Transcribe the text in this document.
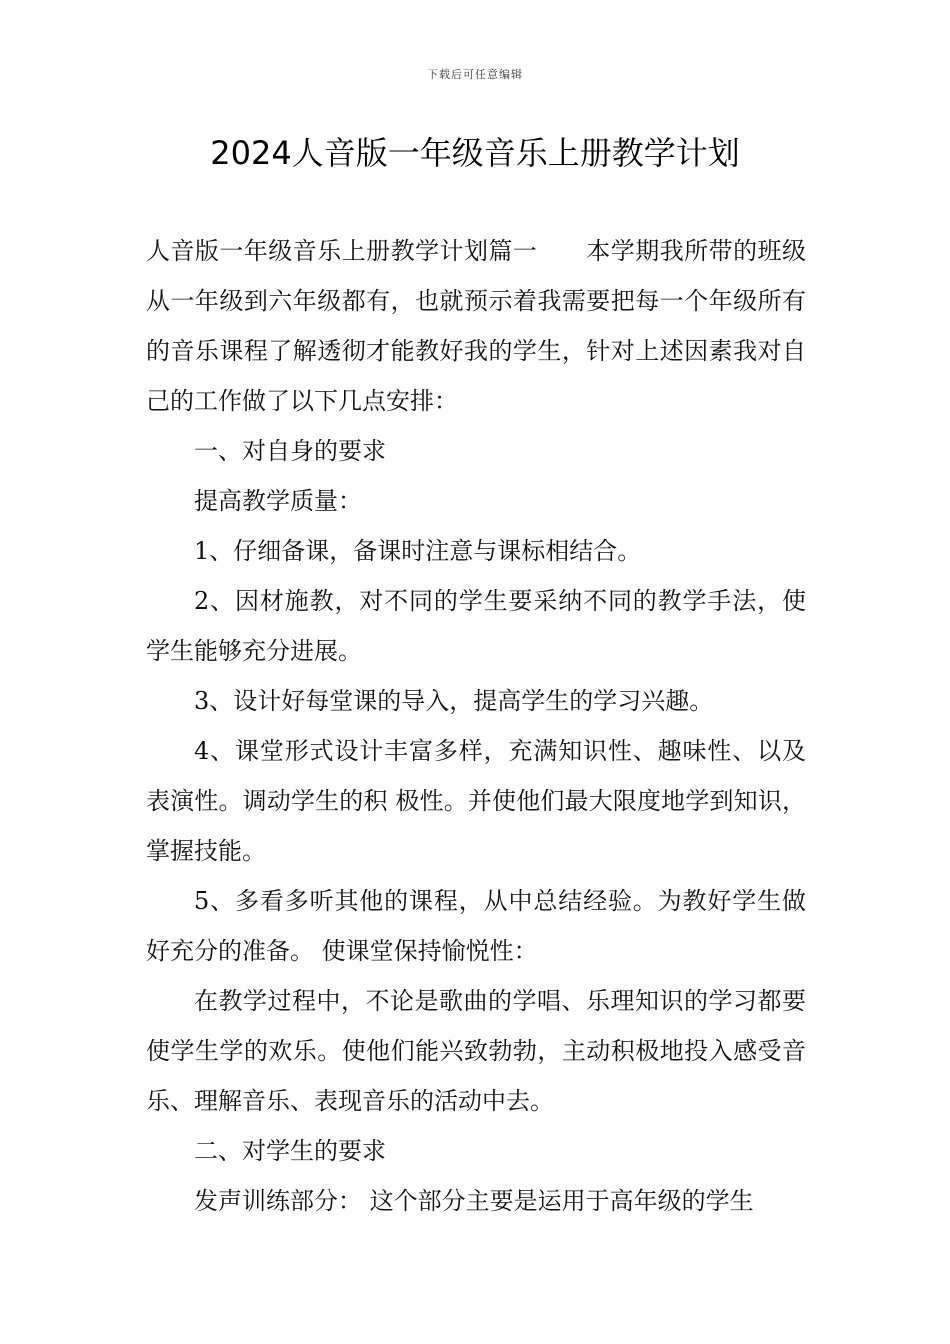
下载后可任意编辑
2024人音版一年级音乐上册教学计划

人音版一年级音乐上册教学计划篇一　　本学期我所带的班级从一年级到六年级都有，也就预示着我需要把每一个年级所有的音乐课程了解透彻才能教好我的学生，针对上述因素我对自己的工作做了以下几点安排：

一、对自身的要求

提高教学质量：

1、仔细备课，备课时注意与课标相结合。

2、因材施教，对不同的学生要采纳不同的教学手法，使学生能够充分进展。

3、设计好每堂课的导入，提高学生的学习兴趣。

4、课堂形式设计丰富多样，充满知识性、趣味性、以及表演性。调动学生的积 极性。并使他们最大限度地学到知识，掌握技能。

5、多看多听其他的课程，从中总结经验。为教好学生做好充分的准备。 使课堂保持愉悦性：

在教学过程中，不论是歌曲的学唱、乐理知识的学习都要使学生学的欢乐。使他们能兴致勃勃，主动积极地投入感受音乐、理解音乐、表现音乐的活动中去。

二、对学生的要求

发声训练部分： 这个部分主要是运用于高年级的学生
